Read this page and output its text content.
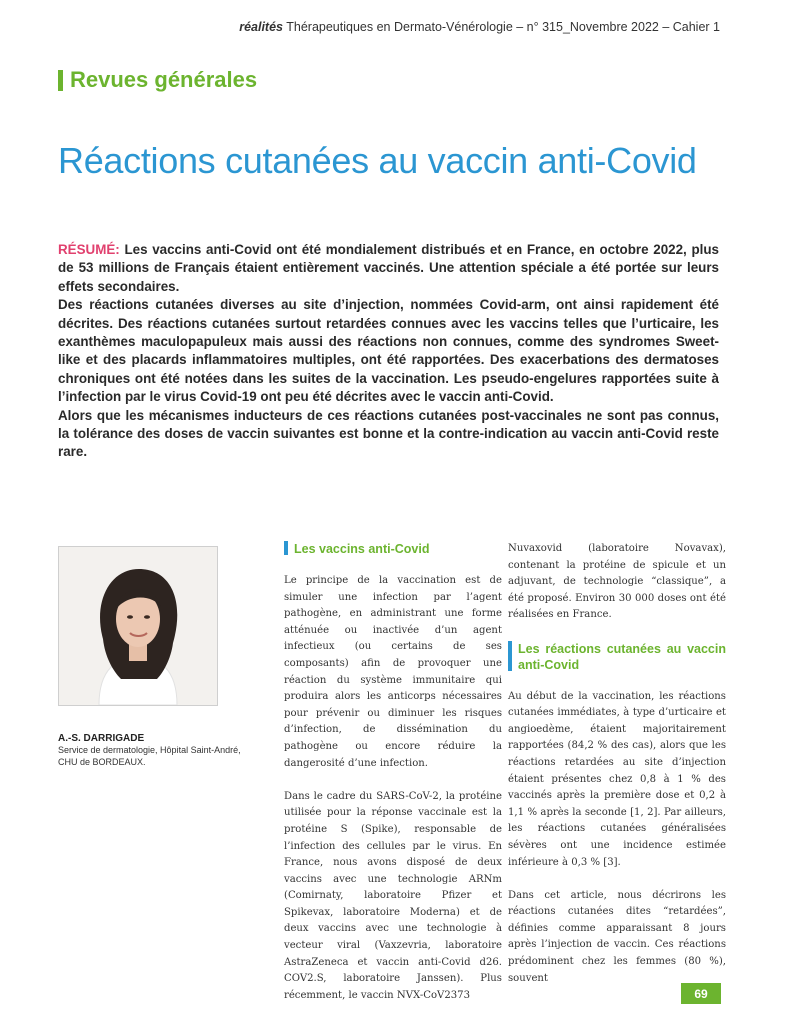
réalités Thérapeutiques en Dermato-Vénérologie – n° 315_Novembre 2022 – Cahier 1
Revues générales
Réactions cutanées au vaccin anti-Covid

RÉSUMÉ: Les vaccins anti-Covid ont été mondialement distribués et en France, en octobre 2022, plus de 53 millions de Français étaient entièrement vaccinés. Une attention spéciale a été portée sur leurs effets secondaires.

Des réactions cutanées diverses au site d’injection, nommées Covid-arm, ont ainsi rapidement été décrites. Des réactions cutanées surtout retardées connues avec les vaccins telles que l’urticaire, les exanthèmes maculopapuleux mais aussi des réactions non connues, comme des syndromes Sweet-like et des placards inflammatoires multiples, ont été rapportées. Des exacerbations des dermatoses chroniques ont été notées dans les suites de la vaccination. Les pseudo-engelures rapportées suite à l’infection par le virus Covid-19 ont peu été décrites avec le vaccin anti-Covid.

Alors que les mécanismes inducteurs de ces réactions cutanées post-vaccinales ne sont pas connus, la tolérance des doses de vaccin suivantes est bonne et la contre-indication au vaccin anti-Covid reste rare.

A.-S. DARRIGADE
Service de dermatologie, Hôpital Saint-André,
CHU de BORDEAUX.
Les vaccins anti-Covid

Le principe de la vaccination est de simuler une infection par l’agent pathogène, en administrant une forme atténuée ou inactivée d’un agent infectieux (ou certains de ses composants) afin de provoquer une réaction du système immunitaire qui produira alors les anticorps nécessaires pour prévenir ou diminuer les risques d’infection, de dissémination du pathogène ou encore réduire la dangerosité d’une infection.

Dans le cadre du SARS-CoV-2, la protéine utilisée pour la réponse vaccinale est la protéine S (Spike), responsable de l’infection des cellules par le virus. En France, nous avons disposé de deux vaccins avec une technologie ARNm (Comirnaty, laboratoire Pfizer et Spikevax, laboratoire Moderna) et de deux vaccins avec une technologie à vecteur viral (Vaxzevria, laboratoire AstraZeneca et vaccin anti-Covid d26. COV2.S, laboratoire Janssen). Plus récemment, le vaccin NVX-CoV2373

Nuvaxovid (laboratoire Novavax), contenant la protéine de spicule et un adjuvant, de technologie “classique”, a été proposé. Environ 30 000 doses ont été réalisées en France.

Les réactions cutanées au vaccin anti-Covid

Au début de la vaccination, les réactions cutanées immédiates, à type d’urticaire et angioedème, étaient majoritairement rapportées (84,2 % des cas), alors que les réactions retardées au site d’injection étaient présentes chez 0,8 à 1 % des vaccinés après la première dose et 0,2 à 1,1 % après la seconde [1, 2]. Par ailleurs, les réactions cutanées généralisées sévères ont une incidence estimée inférieure à 0,3 % [3].

Dans cet article, nous décrirons les réactions cutanées dites “retardées”, définies comme apparaissant 8 jours après l’injection de vaccin. Ces réactions prédominent chez les femmes (80 %), souvent

69
